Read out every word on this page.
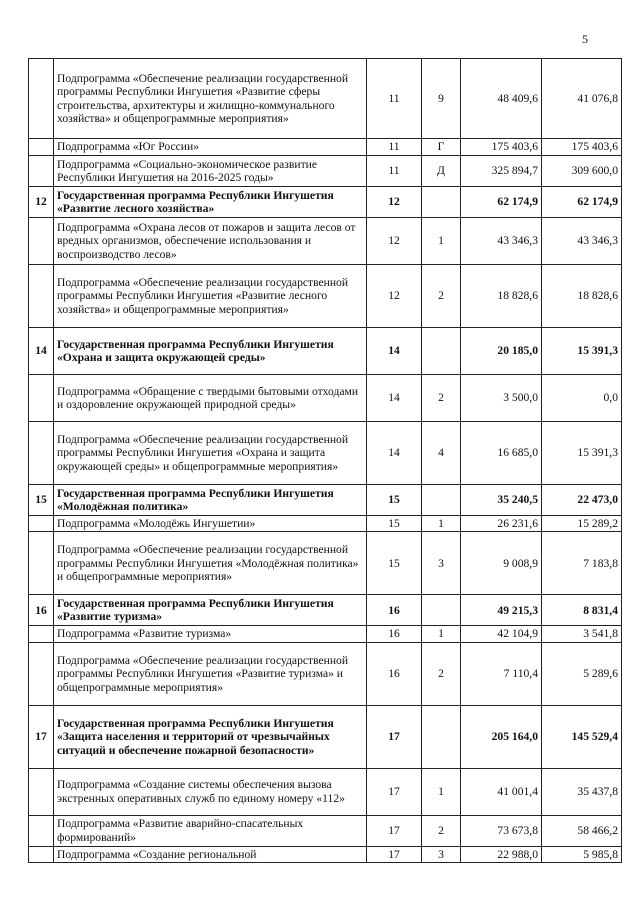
5
	Подпрограмма «Обеспечение реализации государственной программы Республики Ингушетия «Развитие сферы строительства, архитектуры и жилищно-коммунального хозяйства» и общепрограммные мероприятия»	11	9	48 409,6	41 076,8
	Подпрограмма «Юг России»	11	Г	175 403,6	175 403,6
	Подпрограмма «Социально-экономическое развитие Республики Ингушетия на 2016-2025 годы»	11	Д	325 894,7	309 600,0
12	Государственная программа Республики Ингушетия «Развитие лесного хозяйства»	12		62 174,9	62 174,9
	Подпрограмма «Охрана лесов от пожаров и защита лесов от вредных организмов, обеспечение использования и воспроизводство лесов»	12	1	43 346,3	43 346,3
	Подпрограмма «Обеспечение реализации государственной программы Республики Ингушетия «Развитие лесного хозяйства» и общепрограммные мероприятия»	12	2	18 828,6	18 828,6
14	Государственная программа Республики Ингушетия «Охрана и защита окружающей среды»	14		20 185,0	15 391,3
	Подпрограмма «Обращение с твердыми бытовыми отходами и оздоровление окружающей природной среды»	14	2	3 500,0	0,0
	Подпрограмма «Обеспечение реализации государственной программы Республики Ингушетия «Охрана и защита окружающей среды» и общепрограммные мероприятия»	14	4	16 685,0	15 391,3
15	Государственная программа Республики Ингушетия «Молодёжная политика»	15		35 240,5	22 473,0
	Подпрограмма «Молодёжь Ингушетии»	15	1	26 231,6	15 289,2
	Подпрограмма «Обеспечение реализации государственной программы Республики Ингушетия «Молодёжная политика» и общепрограммные мероприятия»	15	3	9 008,9	7 183,8
16	Государственная программа Республики Ингушетия «Развитие туризма»	16		49 215,3	8 831,4
	Подпрограмма «Развитие туризма»	16	1	42 104,9	3 541,8
	Подпрограмма «Обеспечение реализации государственной программы Республики Ингушетия «Развитие туризма» и общепрограммные мероприятия»	16	2	7 110,4	5 289,6
17	Государственная программа Республики Ингушетия «Защита населения и территорий от чрезвычайных ситуаций и обеспечение пожарной безопасности»	17		205 164,0	145 529,4
	Подпрограмма «Создание системы обеспечения вызова экстренных оперативных служб по единому номеру «112»	17	1	41 001,4	35 437,8
	Подпрограмма «Развитие аварийно-спасательных формирований»	17	2	73 673,8	58 466,2
	Подпрограмма «Создание региональной	17	3	22 988,0	5 985,8
